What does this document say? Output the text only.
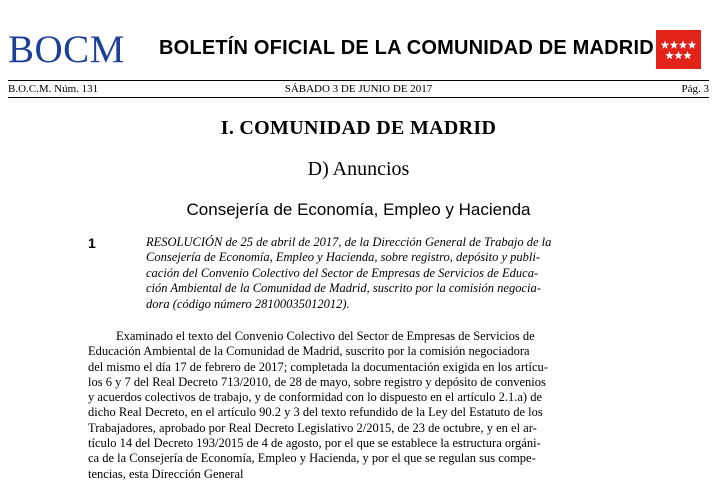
BOCM BOLETÍN OFICIAL DE LA COMUNIDAD DE MADRID
B.O.C.M. Núm. 131	SÁBADO 3 DE JUNIO DE 2017	Pág. 3
I. COMUNIDAD DE MADRID
D) Anuncios
Consejería de Economía, Empleo y Hacienda
1	RESOLUCIÓN de 25 de abril de 2017, de la Dirección General de Trabajo de la
Consejería de Economía, Empleo y Hacienda, sobre registro, depósito y publi-
cación del Convenio Colectivo del Sector de Empresas de Servicios de Educa-
ción Ambiental de la Comunidad de Madrid, suscrito por la comisión negocia-
dora (código número 28100035012012).
Examinado el texto del Convenio Colectivo del Sector de Empresas de Servicios de
Educación Ambiental de la Comunidad de Madrid, suscrito por la comisión negociadora
del mismo el día 17 de febrero de 2017; completada la documentación exigida en los artícu-
los 6 y 7 del Real Decreto 713/2010, de 28 de mayo, sobre registro y depósito de convenios
y acuerdos colectivos de trabajo, y de conformidad con lo dispuesto en el artículo 2.1.a) de
dicho Real Decreto, en el artículo 90.2 y 3 del texto refundido de la Ley del Estatuto de los
Trabajadores, aprobado por Real Decreto Legislativo 2/2015, de 23 de octubre, y en el ar-
tículo 14 del Decreto 193/2015 de 4 de agosto, por el que se establece la estructura orgáni-
ca de la Consejería de Economía, Empleo y Hacienda, y por el que se regulan sus compe-
tencias, esta Dirección General
